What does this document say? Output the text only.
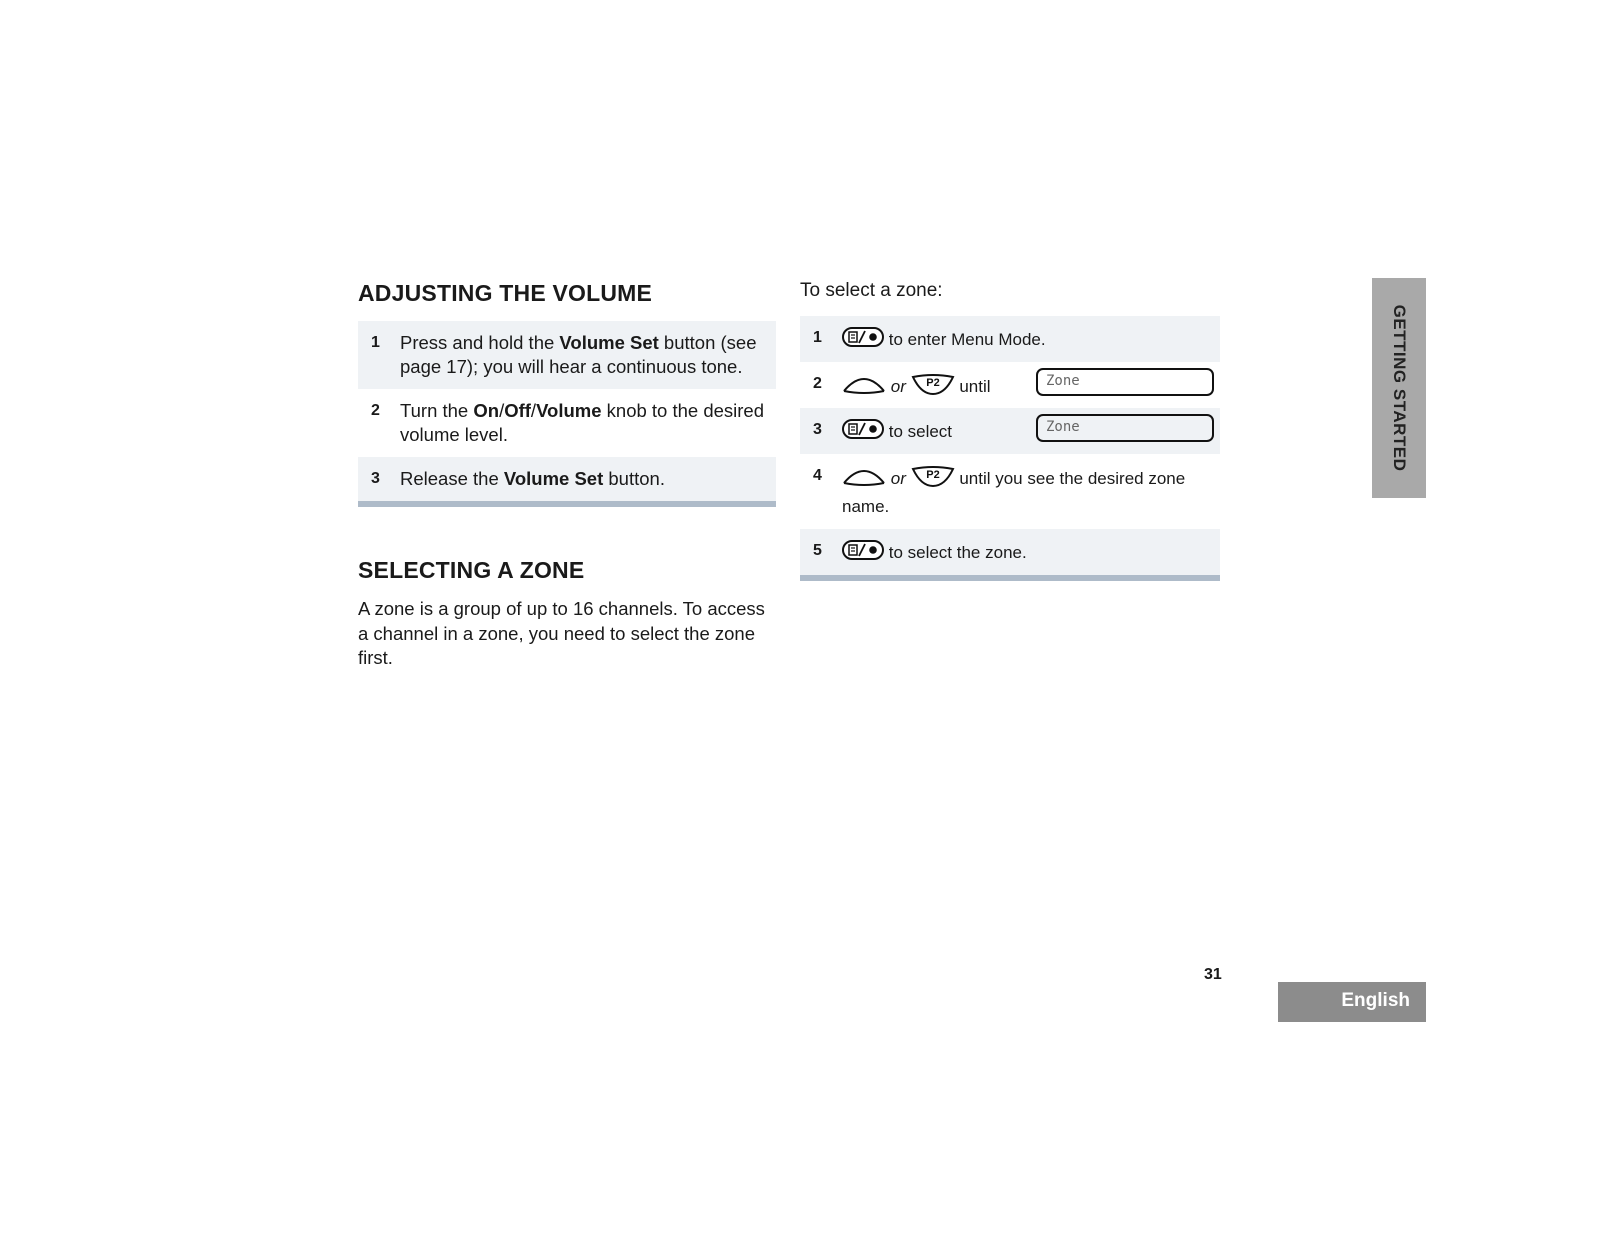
ADJUSTING THE VOLUME
1 Press and hold the Volume Set button (see page 17); you will hear a continuous tone.
2 Turn the On/Off/Volume knob to the desired volume level.
3 Release the Volume Set button.
SELECTING A ZONE

A zone is a group of up to 16 channels. To access a channel in a zone, you need to select the zone first.

To select a zone:
1	to enter Menu Mode.
2	or P2 until	Zone
3	to select	Zone
4	or P2 until you see the desired zone name.
5	to select the zone.
GETTING STARTED
31
English
